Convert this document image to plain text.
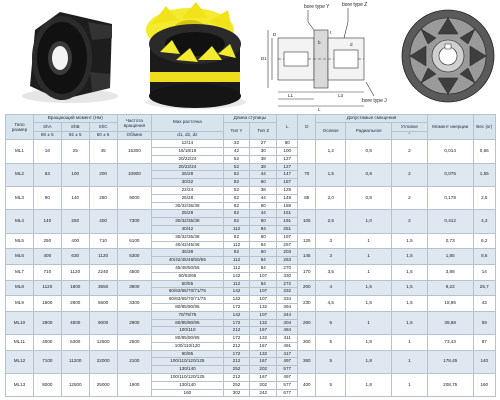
bore type Y	bore type Z
bore type J
D1
D	t
d
b
L1	L3
L
Типо размер	Вращающий момент (Нм)			Частота вращения	Max расточка	Длина ступицы		L	D	Допустимые смещения			Момент инерции	Вес (кг)
	ShA	ShB	ShC			Тип Y	Тип Z			Осевое	Радиальное	Угловое		
	80 ± 5	92 ± 5	60 ± 5	Об/мин	d1, d2, dz							°		
ML1	16	25	45	15300	12/14	32	27	80		1,2	0,5	2	0,014	0,66
					16/18/19	42	30	100						
					20/22/24	52	38	127						
ML2	63	100	200	10900	20/22/24	52	38	127	70	1,5	0,8	2	0,075	1,55
					25/28	62	44	147						
					30/32	82	60	187						
ML3	90	140	280	9000	22/24	52	38	128	85	2,0	0,8	2	0,178	2,5
					25/28	62	44	148						
					30/32/35/38	82	60	188						
ML4	140	250	400	7300	25/28	62	44	151	105	2,5	1,0	2	0,412	4,3
					30/32/35/38	82	60	191						
					40/42	112	84	251						
ML5	250	400	710	6100	30/32/35/38	82	60	197	125	3	1	1,5	0,73	6,2
					40/42/45/48	112	84	257						
ML6	400	630	1120	5300	35/38	82	60	203	145	3	1	1,5	1,85	8,6
					40/42/45/48/50/55	112	84	263						
ML7	710	1120	2240	4500	45/48/50/55	112	84	270	170	3,5	1	1,5	3,88	14
					60/63/65	142	107	330						
ML8	1120	1800	3550	3800	50/55	112	84	272	200	4	1,5	1,5	9,22	25,7
					60/63/65/70/71/75	142	107	332						
ML9	1800	2800	5600	3300	60/63/65/70/71/75	142	107	334	230	4,5	1,5	1,5	18,95	43
					80/85/90/95	172	132	394						
ML10	2800	4500	9000	2900	70/75/75	142	107	344	260	5	1	1,5	39,68	59
					80/85/90/95	172	132	404						
					100/110	212	167	484						
ML11	4000	6300	12500	2500	80/85/90/95	172	132	411	300	5	1,8	1	73,43	87
					100/110/120	212	167	491						
ML12	7100	11200	22000	2100	90/95	172	132	417	360	5	1,8	1	178,45	140
					100/110/120/125	212	167	497						
					130/140	252	202	577						
ML13	8000	12500	25000	1900	100/110/120/125	212	167	497	400	5	1,8	1	208,75	160
					130/140	252	202	577						
					160	302	242	677						
